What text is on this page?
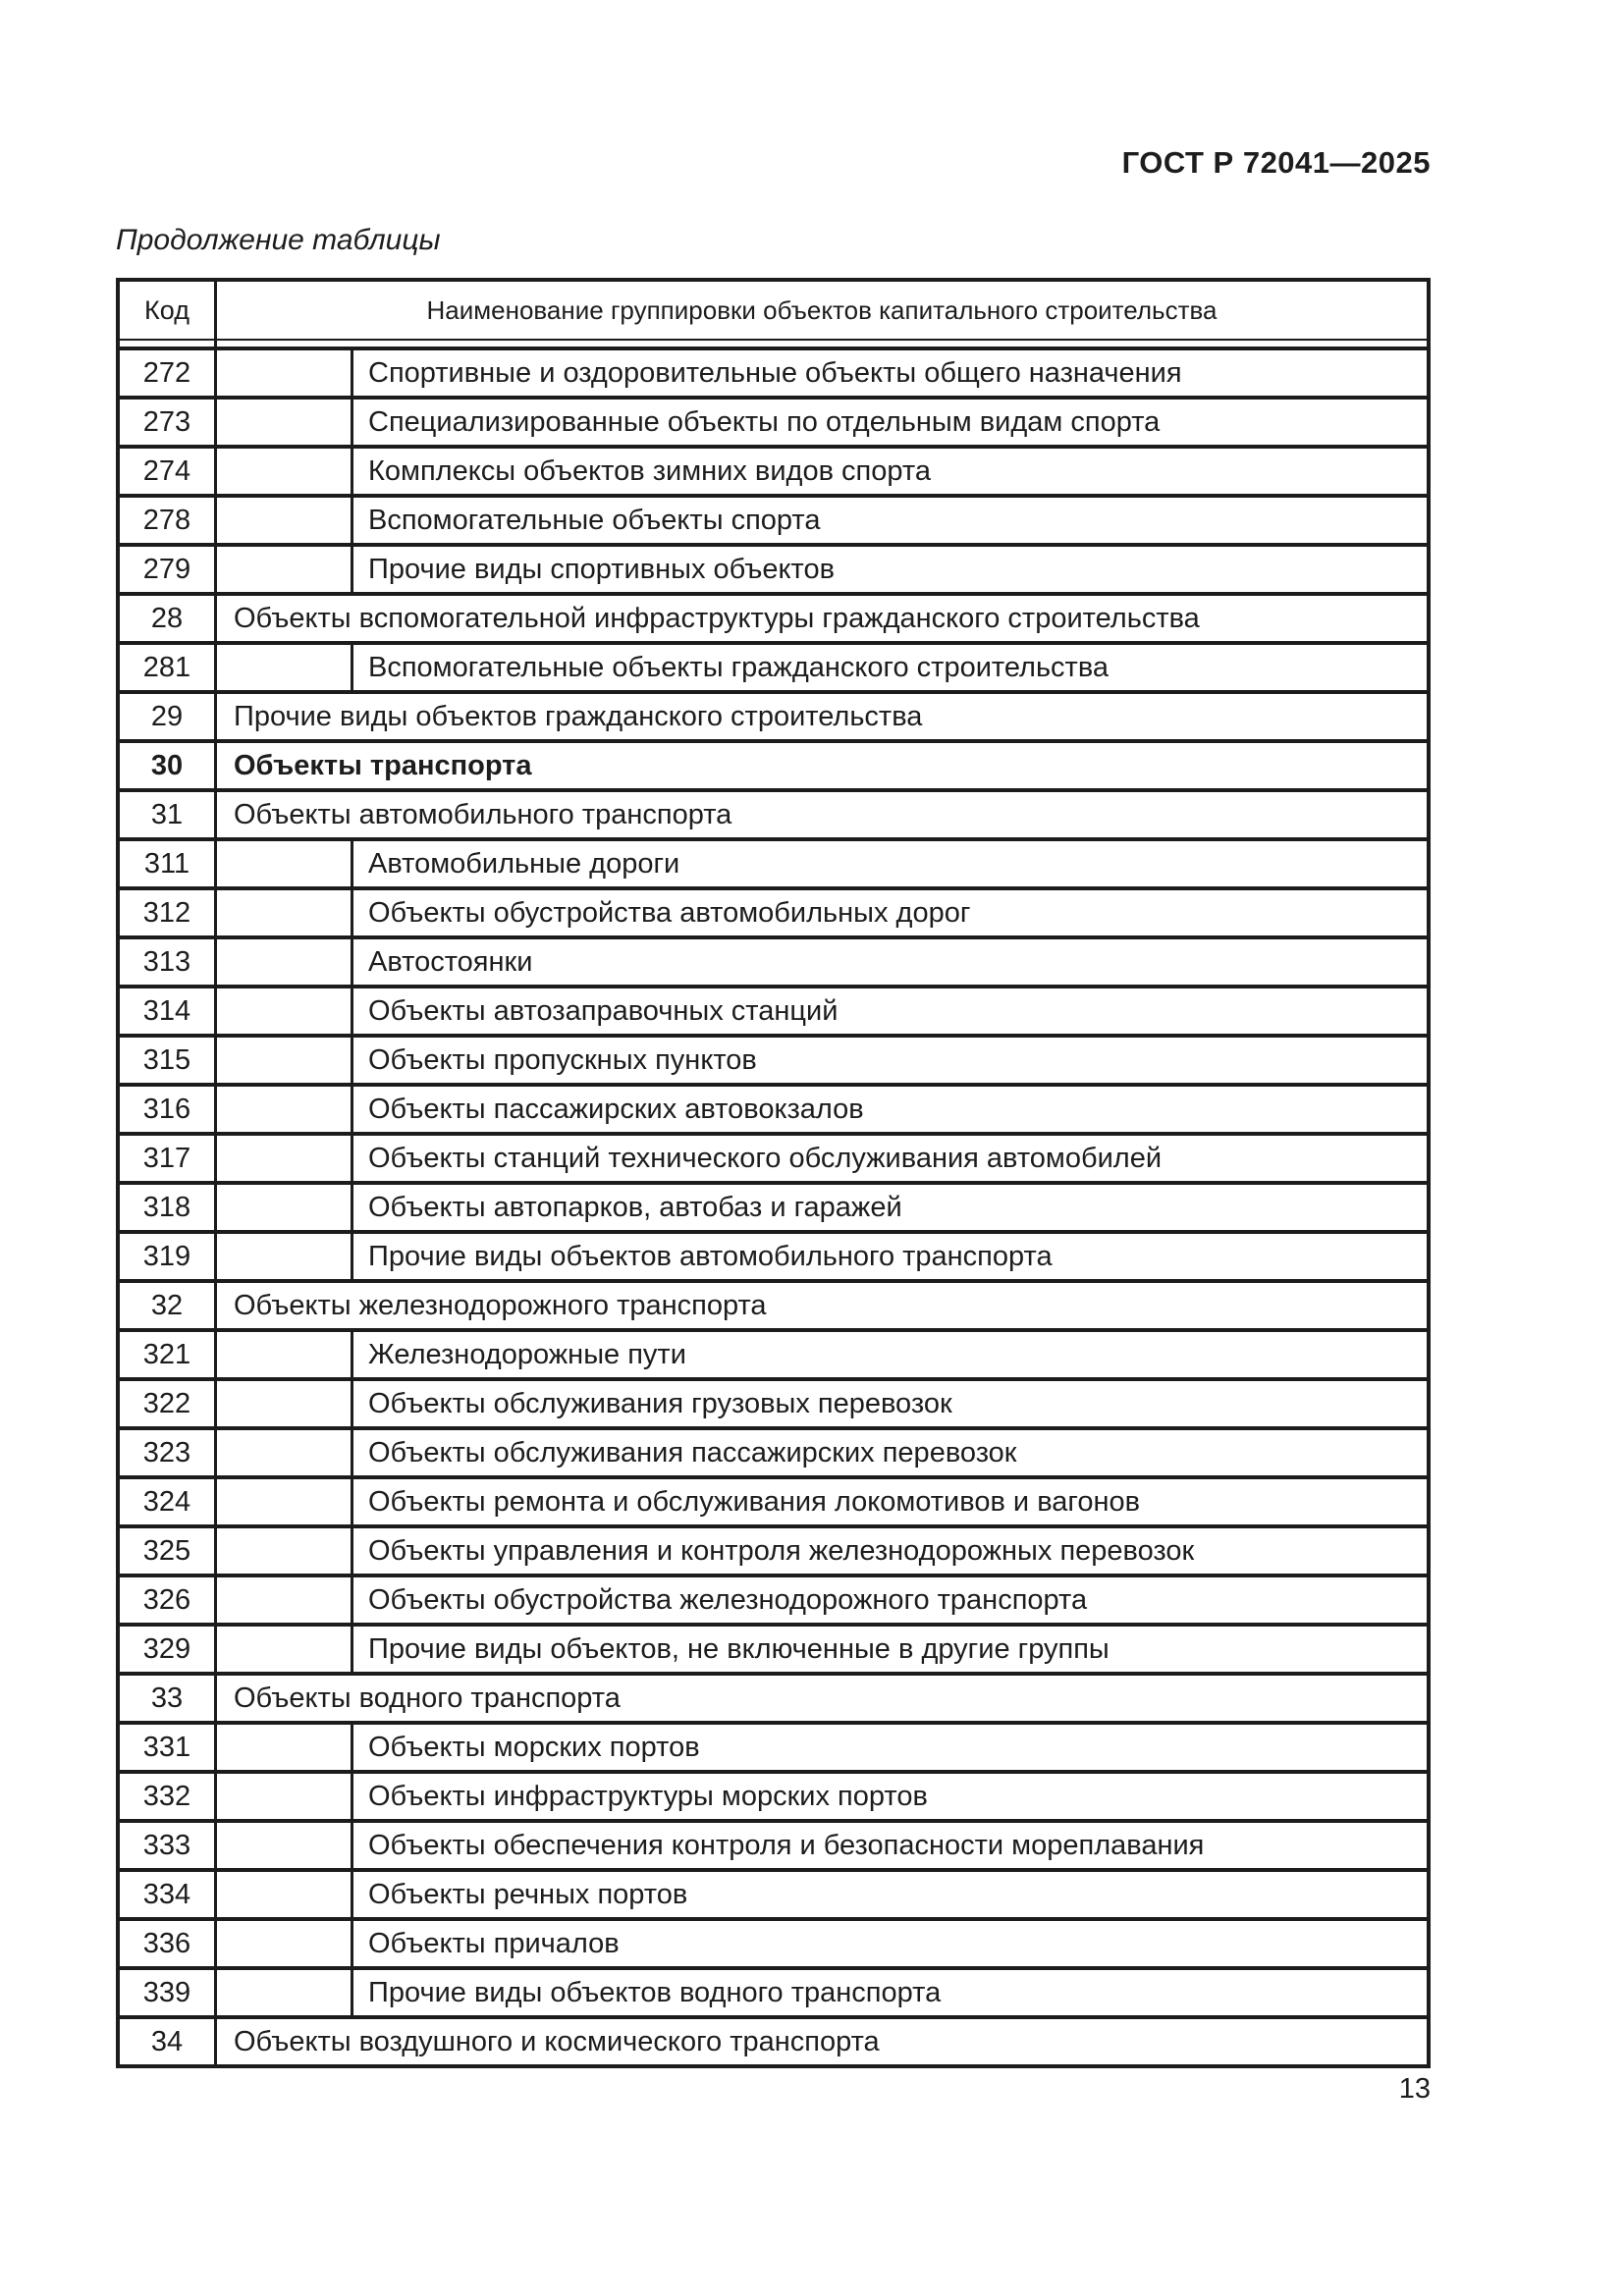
ГОСТ Р 72041—2025
Продолжение таблицы
Код	Наименование группировки объектов капитального строительства
272	Спортивные и оздоровительные объекты общего назначения
273	Специализированные объекты по отдельным видам спорта
274	Комплексы объектов зимних видов спорта
278	Вспомогательные объекты спорта
279	Прочие виды спортивных объектов
28	Объекты вспомогательной инфраструктуры гражданского строительства
281	Вспомогательные объекты гражданского строительства
29	Прочие виды объектов гражданского строительства
30	Объекты транспорта
31	Объекты автомобильного транспорта
311	Автомобильные дороги
312	Объекты обустройства автомобильных дорог
313	Автостоянки
314	Объекты автозаправочных станций
315	Объекты пропускных пунктов
316	Объекты пассажирских автовокзалов
317	Объекты станций технического обслуживания автомобилей
318	Объекты автопарков, автобаз и гаражей
319	Прочие виды объектов автомобильного транспорта
32	Объекты железнодорожного транспорта
321	Железнодорожные пути
322	Объекты обслуживания грузовых перевозок
323	Объекты обслуживания пассажирских перевозок
324	Объекты ремонта и обслуживания локомотивов и вагонов
325	Объекты управления и контроля железнодорожных перевозок
326	Объекты обустройства железнодорожного транспорта
329	Прочие виды объектов, не включенные в другие группы
33	Объекты водного транспорта
331	Объекты морских портов
332	Объекты инфраструктуры морских портов
333	Объекты обеспечения контроля и безопасности мореплавания
334	Объекты речных портов
336	Объекты причалов
339	Прочие виды объектов водного транспорта
34	Объекты воздушного и космического транспорта
13
